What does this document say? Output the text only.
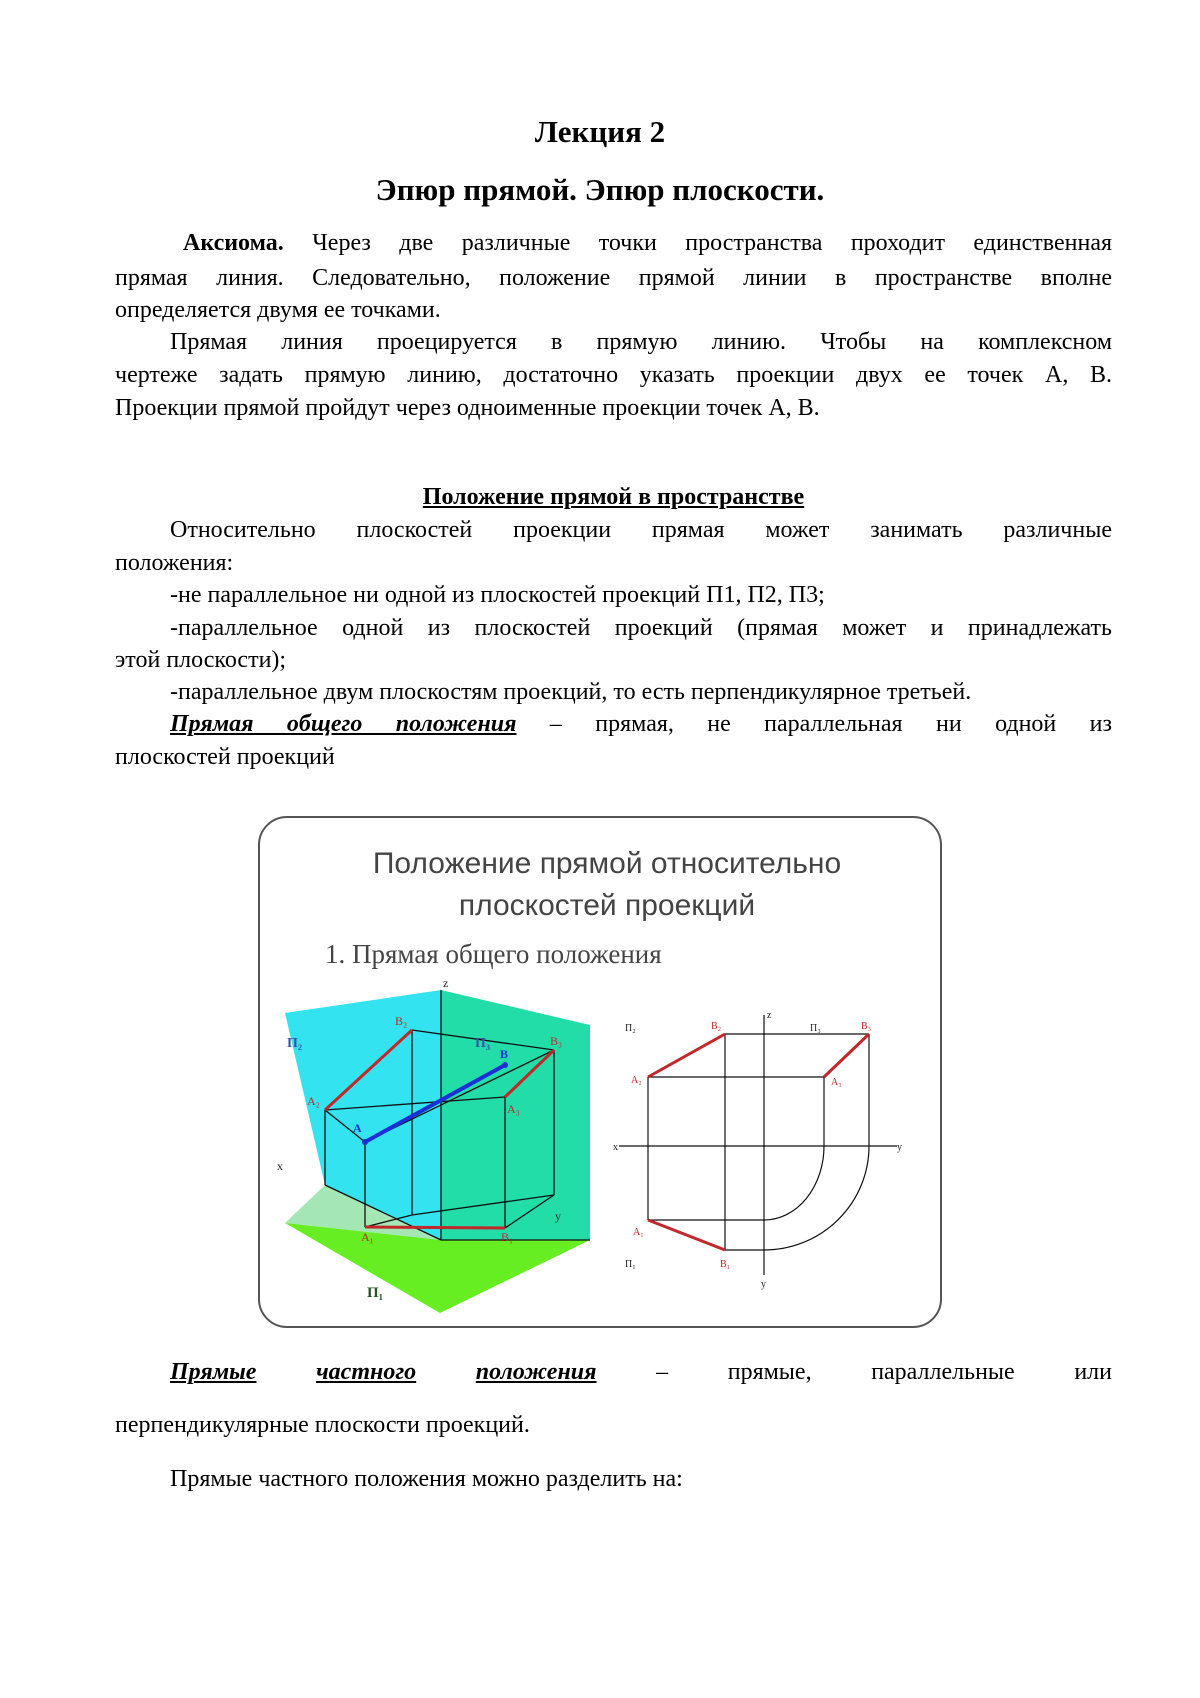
Лекция 2
Эпюр прямой. Эпюр плоскости.
Аксиома. Через две различные точки пространства проходит единственная
прямая линия. Следовательно, положение прямой линии в пространстве вполне
определяется двумя ее точками.
Прямая линия проецируется в прямую линию. Чтобы на комплексном
чертеже задать прямую линию, достаточно указать проекции двух ее точек А, В.
Проекции прямой пройдут через одноименные проекции точек А, В.
Положение прямой в пространстве
Относительно плоскостей проекции прямая может занимать различные
положения:
-не параллельное ни одной из плоскостей проекций П1, П2, П3;
-параллельное одной из плоскостей проекций (прямая может и принадлежать
этой плоскости);
-параллельное двум плоскостям проекций, то есть перпендикулярное третьей.
Прямая общего положения – прямая, не параллельная ни одной из
плоскостей проекций
Положение прямой относительно
плоскостей проекций
1. Прямая общего положения
П₂	П₃
П₁
z
x
y
A
B
A₁	B₁
A₂
B₂
A₃
B₃
П₂	П₃
П₁
z
x	y
y
A₂
B₂
A₃
B₃
A₁
B₁
Прямые частного положения – прямые, параллельные или
перпендикулярные плоскости проекций.
Прямые частного положения можно разделить на:
